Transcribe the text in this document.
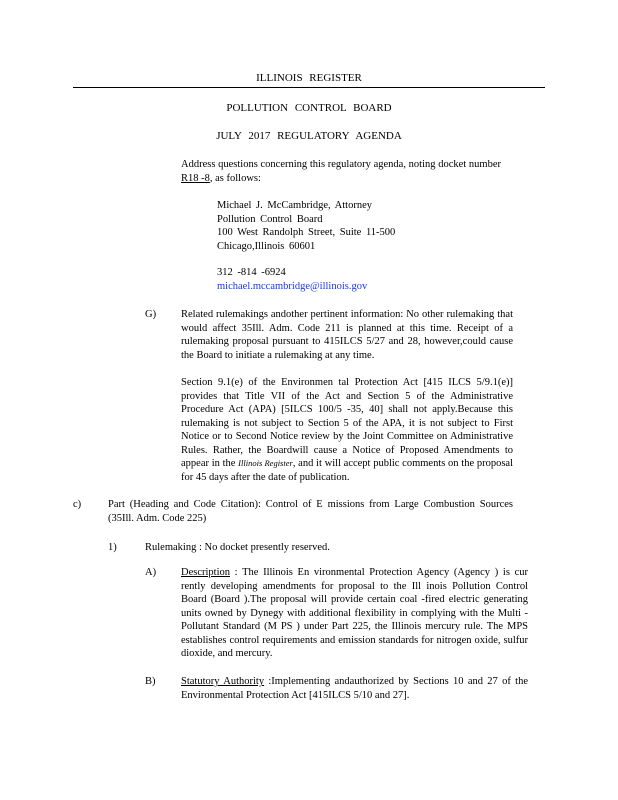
ILLINOIS REGISTER
POLLUTION CONTROL BOARD
JULY 2017 REGULATORY AGENDA

Address questions concerning this regulatory agenda, noting docket number R18 -8, as follows:

Michael J. McCambridge, Attorney
Pollution Control Board
100 West Randolph Street, Suite 11-500
Chicago,Illinois 60601
312 -814 -6924
michael.mccambridge@illinois.gov
G) Related rulemakings andother pertinent information: No other rulemaking that would affect 35Ill. Adm. Code 211 is planned at this time. Receipt of a rulemaking proposal pursuant to 415ILCS 5/27 and 28, however,could cause the Board to initiate a rulemaking at any time.

Section 9.1(e) of the Environmen tal Protection Act [415 ILCS 5/9.1(e)] provides that Title VII of the Act and Section 5 of the Administrative Procedure Act (APA) [5ILCS 100/5 -35, 40] shall not apply.Because this rulemaking is not subject to Section 5 of the APA, it is not subject to First Notice or to Second Notice review by the Joint Committee on Administrative Rules. Rather, the Boardwill cause a Notice of Proposed Amendments to appear in the Illinois Register, and it will accept public comments on the proposal for 45 days after the date of publication.

c)	Part (Heading and Code Citation): Control of E missions from Large Combustion Sources (35Ill. Adm. Code 225)
1)	Rulemaking : No docket presently reserved.
A) Description : The Illinois En vironmental Protection Agency (Agency ) is cur rently developing amendments for proposal to the Ill inois Pollution Control Board (Board ).The proposal will provide certain coal -fired electric generating units owned by Dynegy with additional flexibility in complying with the Multi -Pollutant Standard (M PS ) under Part 225, the Illinois mercury rule. The MPS establishes control requirements and emission standards for nitrogen oxide, sulfur dioxide, and mercury.

B) Statutory Authority :Implementing andauthorized by Sections 10 and 27 of the Environmental Protection Act [415ILCS 5/10 and 27].
